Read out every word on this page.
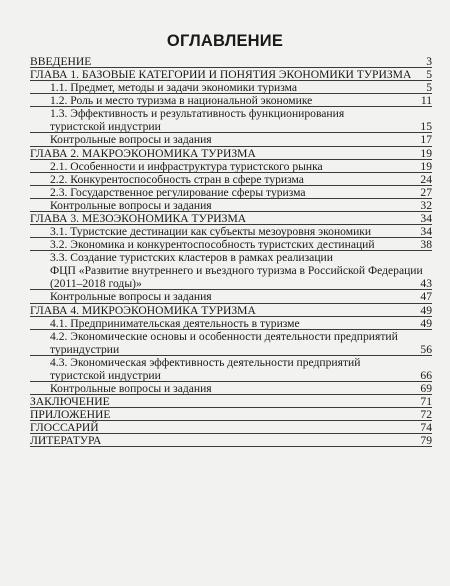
ОГЛАВЛЕНИЕ
ВВЕДЕНИЕ	3
ГЛАВА 1. БАЗОВЫЕ КАТЕГОРИИ И ПОНЯТИЯ ЭКОНОМИКИ ТУРИЗМА	5
1.1. Предмет, методы и задачи экономики туризма	5
1.2. Роль и место туризма в национальной экономике	11
1.3. Эффективность и результативность функционирования
туристской индустрии	15
Контрольные вопросы и задания	17
ГЛАВА 2. МАКРОЭКОНОМИКА ТУРИЗМА	19
2.1. Особенности и инфраструктура туристского рынка	19
2.2. Конкурентоспособность стран в сфере туризма	24
2.3. Государственное регулирование сферы туризма	27
Контрольные вопросы и задания	32
ГЛАВА 3. МЕЗОЭКОНОМИКА ТУРИЗМА	34
3.1. Туристские дестинации как субъекты мезоуровня экономики	34
3.2. Экономика и конкурентоспособность туристских дестинаций	38
3.3. Создание туристских кластеров в рамках реализации
ФЦП «Развитие внутреннего и въездного туризма в Российской Федерации
(2011–2018 годы)»	43
Контрольные вопросы и задания	47
ГЛАВА 4. МИКРОЭКОНОМИКА ТУРИЗМА	49
4.1. Предпринимательская деятельность в туризме	49
4.2. Экономические основы и особенности деятельности предприятий
туриндустрии	56
4.3. Экономическая эффективность деятельности предприятий
туристской индустрии	66
Контрольные вопросы и задания	69
ЗАКЛЮЧЕНИЕ	71
ПРИЛОЖЕНИЕ	72
ГЛОССАРИЙ	74
ЛИТЕРАТУРА	79
